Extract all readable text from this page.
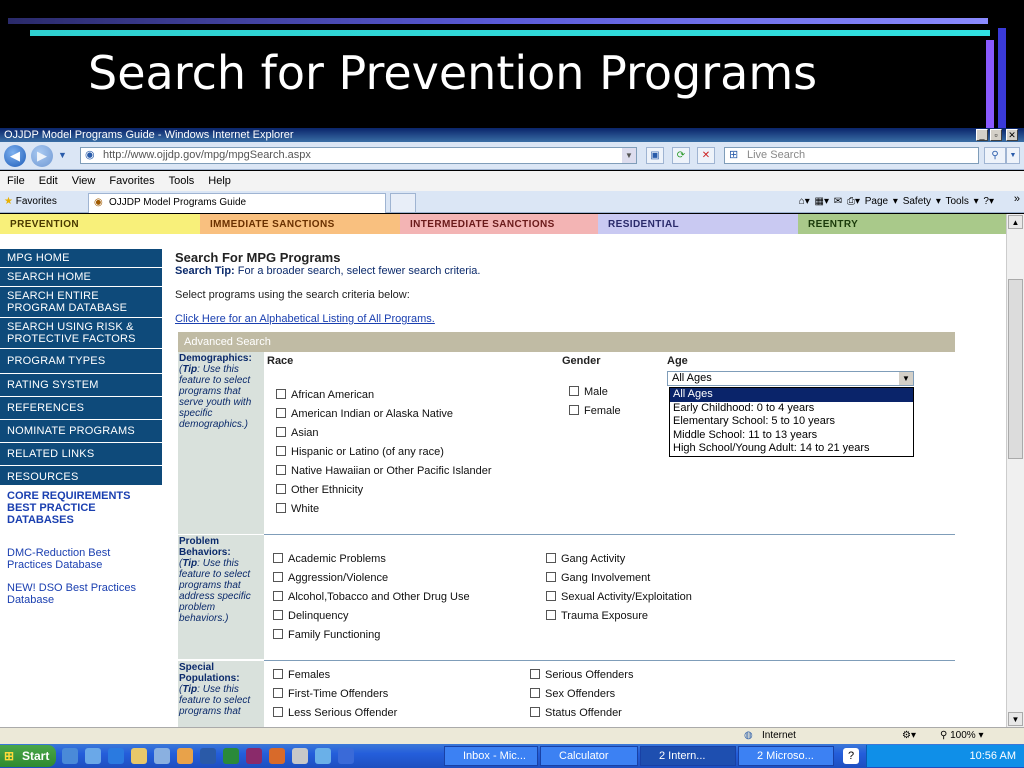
Search for Prevention Programs
OJJDP Model Programs Guide - Windows Internet Explorer	_	▫	✕
◀	▶	▼ ◉ http://www.ojjdp.gov/mpg/mpgSearch.aspx	▼	▣	⟳	✕	⊞ Live Search	⚲	▼
File Edit View Favorites Tools Help
★ Favorites	◉ OJJDP Model Programs Guide	⌂▾ ▦▾ ✉ ⎙▾ Page ▾ Safety ▾ Tools ▾ ?▾ »
PREVENTION	IMMEDIATE SANCTIONS	INTERMEDIATE SANCTIONS	RESIDENTIAL	REENTRY
MPG HOME
SEARCH HOME
SEARCH ENTIRE PROGRAM DATABASE
SEARCH USING RISK & PROTECTIVE FACTORS
PROGRAM TYPES
RATING SYSTEM
REFERENCES
NOMINATE PROGRAMS
RELATED LINKS
RESOURCES
CORE REQUIREMENTS BEST PRACTICE DATABASES
DMC-Reduction Best Practices Database
NEW! DSO Best Practices Database
Search For MPG Programs
Search Tip: For a broader search, select fewer search criteria.
Select programs using the search criteria below:
Click Here for an Alphabetical Listing of All Programs.
Advanced Search
Demographics:
(Tip: Use this feature to select programs that serve youth with specific demographics.)
Race	Gender	Age
African American
American Indian or Alaska Native
Asian
Hispanic or Latino (of any race)
Native Hawaiian or Other Pacific Islander
Other Ethnicity
White
Male
Female
All Ages	▼
All Ages
Early Childhood: 0 to 4 years
Elementary School: 5 to 10 years
Middle School: 11 to 13 years
High School/Young Adult: 14 to 21 years
Problem Behaviors:
(Tip: Use this feature to select programs that address specific problem behaviors.)
Academic Problems
Aggression/Violence
Alcohol,Tobacco and Other Drug Use
Delinquency
Family Functioning
Gang Activity
Gang Involvement
Sexual Activity/Exploitation
Trauma Exposure
Special Populations:
(Tip: Use this feature to select programs that
Females
First-Time Offenders
Less Serious Offender
Serious Offenders
Sex Offenders
Status Offender
▲
▼
◍ Internet	⚙▾ ⚲ 100% ▾
⊞ Start	Inbox - Mic...	Calculator	2 Intern...	2 Microso...	?	10:56 AM
